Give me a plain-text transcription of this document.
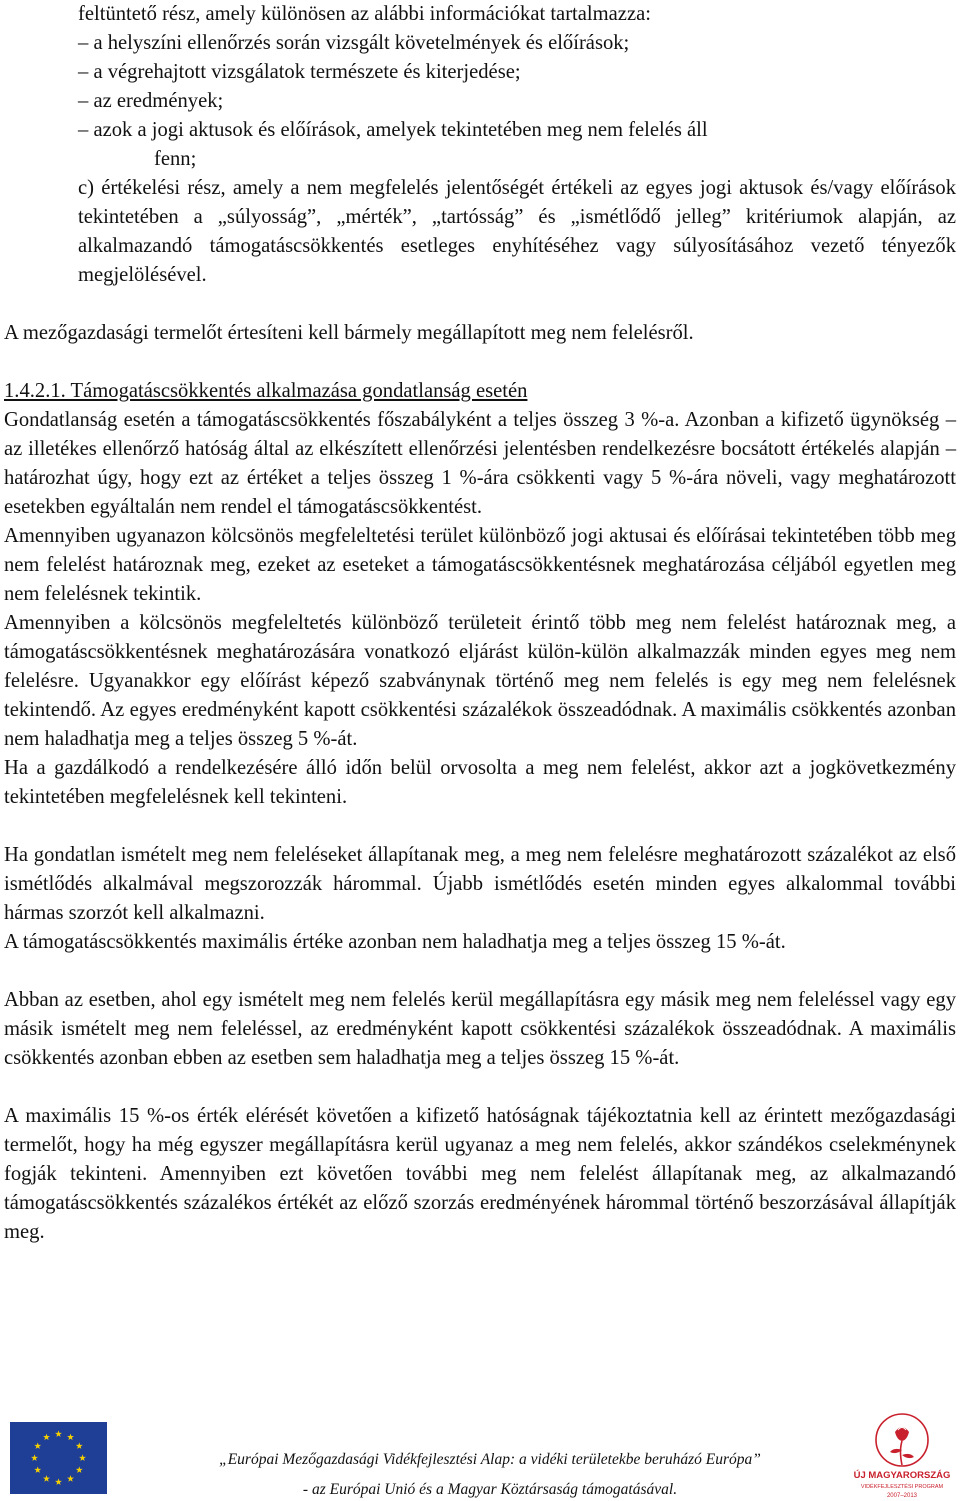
feltüntető rész, amely különösen az alábbi információkat tartalmazza:

– a helyszíni ellenőrzés során vizsgált követelmények és előírások;

– a végrehajtott vizsgálatok természete és kiterjedése;

– az eredmények;

– azok a jogi aktusok és előírások, amelyek tekintetében meg nem felelés áll

fenn;

c) értékelési rész, amely a nem megfelelés jelentőségét értékeli az egyes jogi aktusok és/vagy előírások tekintetében a „súlyosság”, „mérték”, „tartósság” és „ismétlődő jelleg” kritériumok alapján, az alkalmazandó támogatáscsökkentés esetleges enyhítéséhez vagy súlyosításához vezető tényezők megjelölésével.

A mezőgazdasági termelőt értesíteni kell bármely megállapított meg nem felelésről.

1.4.2.1. Támogatáscsökkentés alkalmazása gondatlanság esetén

Gondatlanság esetén a támogatáscsökkentés főszabályként a teljes összeg 3 %-a. Azonban a kifizető ügynökség – az illetékes ellenőrző hatóság által az elkészített ellenőrzési jelentésben rendelkezésre bocsátott értékelés alapján – határozhat úgy, hogy ezt az értéket a teljes összeg 1 %-ára csökkenti vagy 5 %-ára növeli, vagy meghatározott esetekben egyáltalán nem rendel el támogatáscsökkentést.

Amennyiben ugyanazon kölcsönös megfeleltetési terület különböző jogi aktusai és előírásai tekintetében több meg nem felelést határoznak meg, ezeket az eseteket a támogatáscsökkentésnek meghatározása céljából egyetlen meg nem felelésnek tekintik.

Amennyiben a kölcsönös megfeleltetés különböző területeit érintő több meg nem felelést határoznak meg, a támogatáscsökkentésnek meghatározására vonatkozó eljárást külön-külön alkalmazzák minden egyes meg nem felelésre. Ugyanakkor egy előírást képező szabványnak történő meg nem felelés is egy meg nem felelésnek tekintendő. Az egyes eredményként kapott csökkentési százalékok összeadódnak. A maximális csökkentés azonban nem haladhatja meg a teljes összeg 5 %-át.

Ha a gazdálkodó a rendelkezésére álló időn belül orvosolta a meg nem felelést, akkor azt a jogkövetkezmény tekintetében megfelelésnek kell tekinteni.

Ha gondatlan ismételt meg nem feleléseket állapítanak meg, a meg nem felelésre meghatározott százalékot az első ismétlődés alkalmával megszorozzák hárommal. Újabb ismétlődés esetén minden egyes alkalommal további hármas szorzót kell alkalmazni.

A támogatáscsökkentés maximális értéke azonban nem haladhatja meg a teljes összeg 15 %-át.

Abban az esetben, ahol egy ismételt meg nem felelés kerül megállapításra egy másik meg nem feleléssel vagy egy másik ismételt meg nem feleléssel, az eredményként kapott csökkentési százalékok összeadódnak. A maximális csökkentés azonban ebben az esetben sem haladhatja meg a teljes összeg 15 %-át.

A maximális 15 %-os érték elérését követően a kifizető hatóságnak tájékoztatnia kell az érintett mezőgazdasági termelőt, hogy ha még egyszer megállapításra kerül ugyanaz a meg nem felelés, akkor szándékos cselekménynek fogják tekinteni. Amennyiben ezt követően további meg nem felelést állapítanak meg, az alkalmazandó támogatáscsökkentés százalékos értékét az előző szorzás eredményének hárommal történő beszorzásával állapítják meg.

„Európai Mezőgazdasági Vidékfejlesztési Alap: a vidéki területekbe beruházó Európa”
- az Európai Unió és a Magyar Köztársaság támogatásával.
ÚJ MAGYARORSZÁG
VIDÉKFEJLESZTÉSI PROGRAM
2007–2013
